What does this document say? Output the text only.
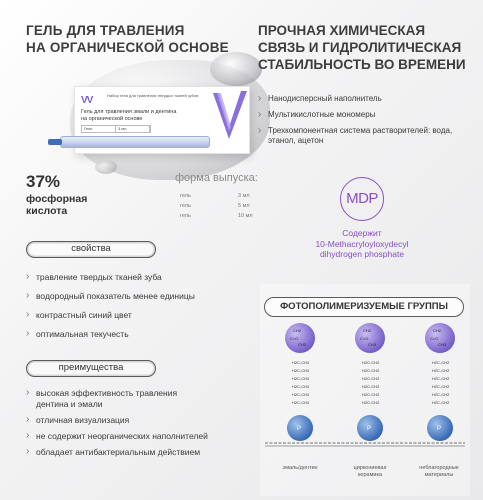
ГЕЛЬ ДЛЯ ТРАВЛЕНИЯ
НА ОРГАНИЧЕСКОЙ ОСНОВЕ
VV	Набор геля для травления твердых тканей зубов
Гель для травления эмали и дентина
на органической основе
Гель	3 мл
37%
фосфорная
кислота
форма выпуска:
гель	3 мл
гель	5 мл
гель	10 мл
свойства
› травление твердых тканей зуба
› водородный показатель менее единицы
› контрастный синий цвет
› оптимальная текучесть
преимущества
› высокая эффективность травления дентина и эмали
› отличная визуализация
› не содержит неорганических наполнителей
› обладает антибактериальным действием
ПРОЧНАЯ ХИМИЧЕСКАЯ
СВЯЗЬ И ГИДРОЛИТИЧЕСКАЯ
СТАБИЛЬНОСТЬ ВО ВРЕМЕНИ
› Нанодисперсный наполнитель
› Мультикислотные мономеры
› Трехкомпонентная система растворителей: вода, этанол, ацетон
MDP
Содержит
10-Methacryloyloxydecyl
dihydrogen phosphate
ФОТОПОЛИМЕРИЗУЕМЫЕ ГРУППЫ
CH2
C=O
CH3
H2C-CH2
H2C-CH2
H2C-CH2
H2C-CH2
H2C-CH2
H2C-CH2
P
CH2
C=O
CH3
H2C-CH2
H2C-CH2
H2C-CH2
H2C-CH2
H2C-CH2
H2C-CH2
P
CH2
C=O
CH3
H2C-CH2
H2C-CH2
H2C-CH2
H2C-CH2
H2C-CH2
H2C-CH2
P
эмаль/дентин	циркониевая
керамика
неблагородные
материалы
